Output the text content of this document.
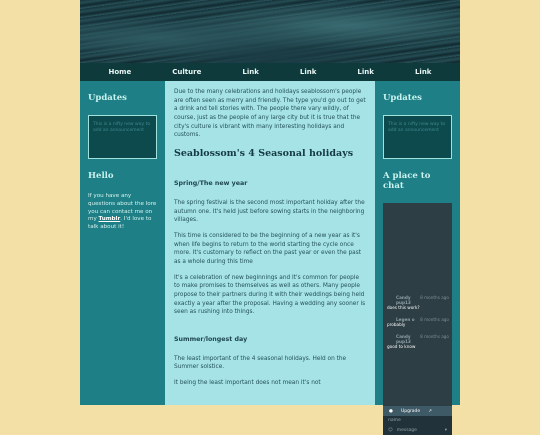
Home	Culture	Link	Link	Link	Link
Updates
This is a nifty new way to add an announcement
Hello

If you have any questions about the lore you can contact me on my Tumblr. I'd love to talk about it!

Due to the many celebrations and holidays seablossom's people are often seen as merry and friendly. The type you'd go out to get a drink and tell stories with. The people there vary wildly, of course, just as the people of any large city but it is true that the city's culture is vibrant with many interesting holidays and customs.

Seablossom's 4 Seasonal holidays
Spring/The new year

The spring festival is the second most important holiday after the autumn one. It's held just before sowing starts in the neighboring villages.

This time is considered to be the beginning of a new year as it's when life begins to return to the world starting the cycle once more. It's customary to reflect on the past year or even the past as a whole during this time

It's a celebration of new beginnings and It's common for people to make promises to themselves as well as others. Many people propose to their partners during it with their weddings being held exactly a year after the proposal. Having a wedding any sooner is seen as rushing into things.

Summer/longest day

The least important of the 4 seasonal holidays. Held on the Summer solstice.

It being the least important does not mean it's not

Updates
This is a nifty new way to add an announcement
A place to chat
8 months ago
Candy pup13
does this work?
8 months ago
Legen o
probably
8 months ago
Candy pup13
good to know
● Upgrade ↗
name
☺ message	▾
